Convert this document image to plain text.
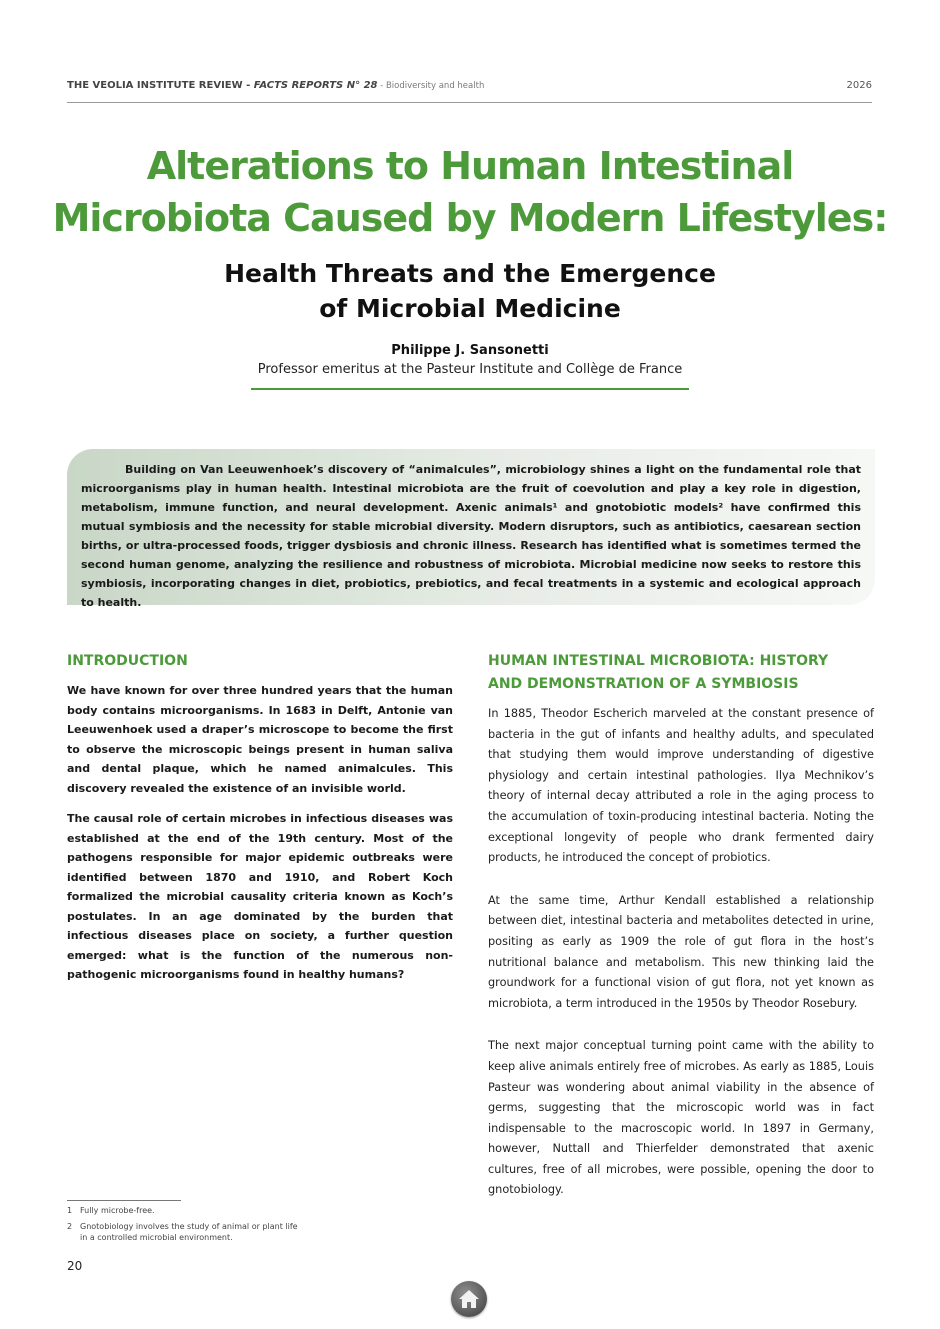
THE VEOLIA INSTITUTE REVIEW - FACTS REPORTS N° 28 - Biodiversity and health	2026
Alterations to Human Intestinal
Microbiota Caused by Modern Lifestyles:
Health Threats and the Emergence
of Microbial Medicine
Philippe J. Sansonetti
Professor emeritus at the Pasteur Institute and Collège de France

Building on Van Leeuwenhoek’s discovery of “animalcules”, microbiology shines a light on the fundamental role that microorganisms play in human health. Intestinal microbiota are the fruit of coevolution and play a key role in digestion, metabolism, immune function, and neural development. Axenic animals¹ and gnotobiotic models² have confirmed this mutual symbiosis and the necessity for stable microbial diversity. Modern disruptors, such as antibiotics, caesarean section births, or ultra-processed foods, trigger dysbiosis and chronic illness. Research has identified what is sometimes termed the second human genome, analyzing the resilience and robustness of microbiota. Microbial medicine now seeks to restore this symbiosis, incorporating changes in diet, probiotics, prebiotics, and fecal treatments in a systemic and ecological approach to health.

INTRODUCTION

We have known for over three hundred years that the human body contains microorganisms. In 1683 in Delft, Antonie van Leeuwenhoek used a draper’s microscope to become the first to observe the microscopic beings present in human saliva and dental plaque, which he named animalcules. This discovery revealed the existence of an invisible world.

The causal role of certain microbes in infectious diseases was established at the end of the 19th century. Most of the pathogens responsible for major epidemic outbreaks were identified between 1870 and 1910, and Robert Koch formalized the microbial causality criteria known as Koch’s postulates. In an age dominated by the burden that infectious diseases place on society, a further question emerged: what is the function of the numerous non-pathogenic microorganisms found in healthy humans?

HUMAN INTESTINAL MICROBIOTA: HISTORY
AND DEMONSTRATION OF A SYMBIOSIS

In 1885, Theodor Escherich marveled at the constant presence of bacteria in the gut of infants and healthy adults, and speculated that studying them would improve understanding of digestive physiology and certain intestinal pathologies. Ilya Mechnikov’s theory of internal decay attributed a role in the aging process to the accumulation of toxin-producing intestinal bacteria. Noting the exceptional longevity of people who drank fermented dairy products, he introduced the concept of probiotics.

At the same time, Arthur Kendall established a relationship between diet, intestinal bacteria and metabolites detected in urine, positing as early as 1909 the role of gut flora in the host’s nutritional balance and metabolism. This new thinking laid the groundwork for a functional vision of gut flora, not yet known as microbiota, a term introduced in the 1950s by Theodor Rosebury.

The next major conceptual turning point came with the ability to keep alive animals entirely free of microbes. As early as 1885, Louis Pasteur was wondering about animal viability in the absence of germs, suggesting that the microscopic world was in fact indispensable to the macroscopic world. In 1897 in Germany, however, Nuttall and Thierfelder demonstrated that axenic cultures, free of all microbes, were possible, opening the door to gnotobiology.

1 Fully microbe-free.
2 Gnotobiology involves the study of animal or plant life
in a controlled microbial environment.
20
